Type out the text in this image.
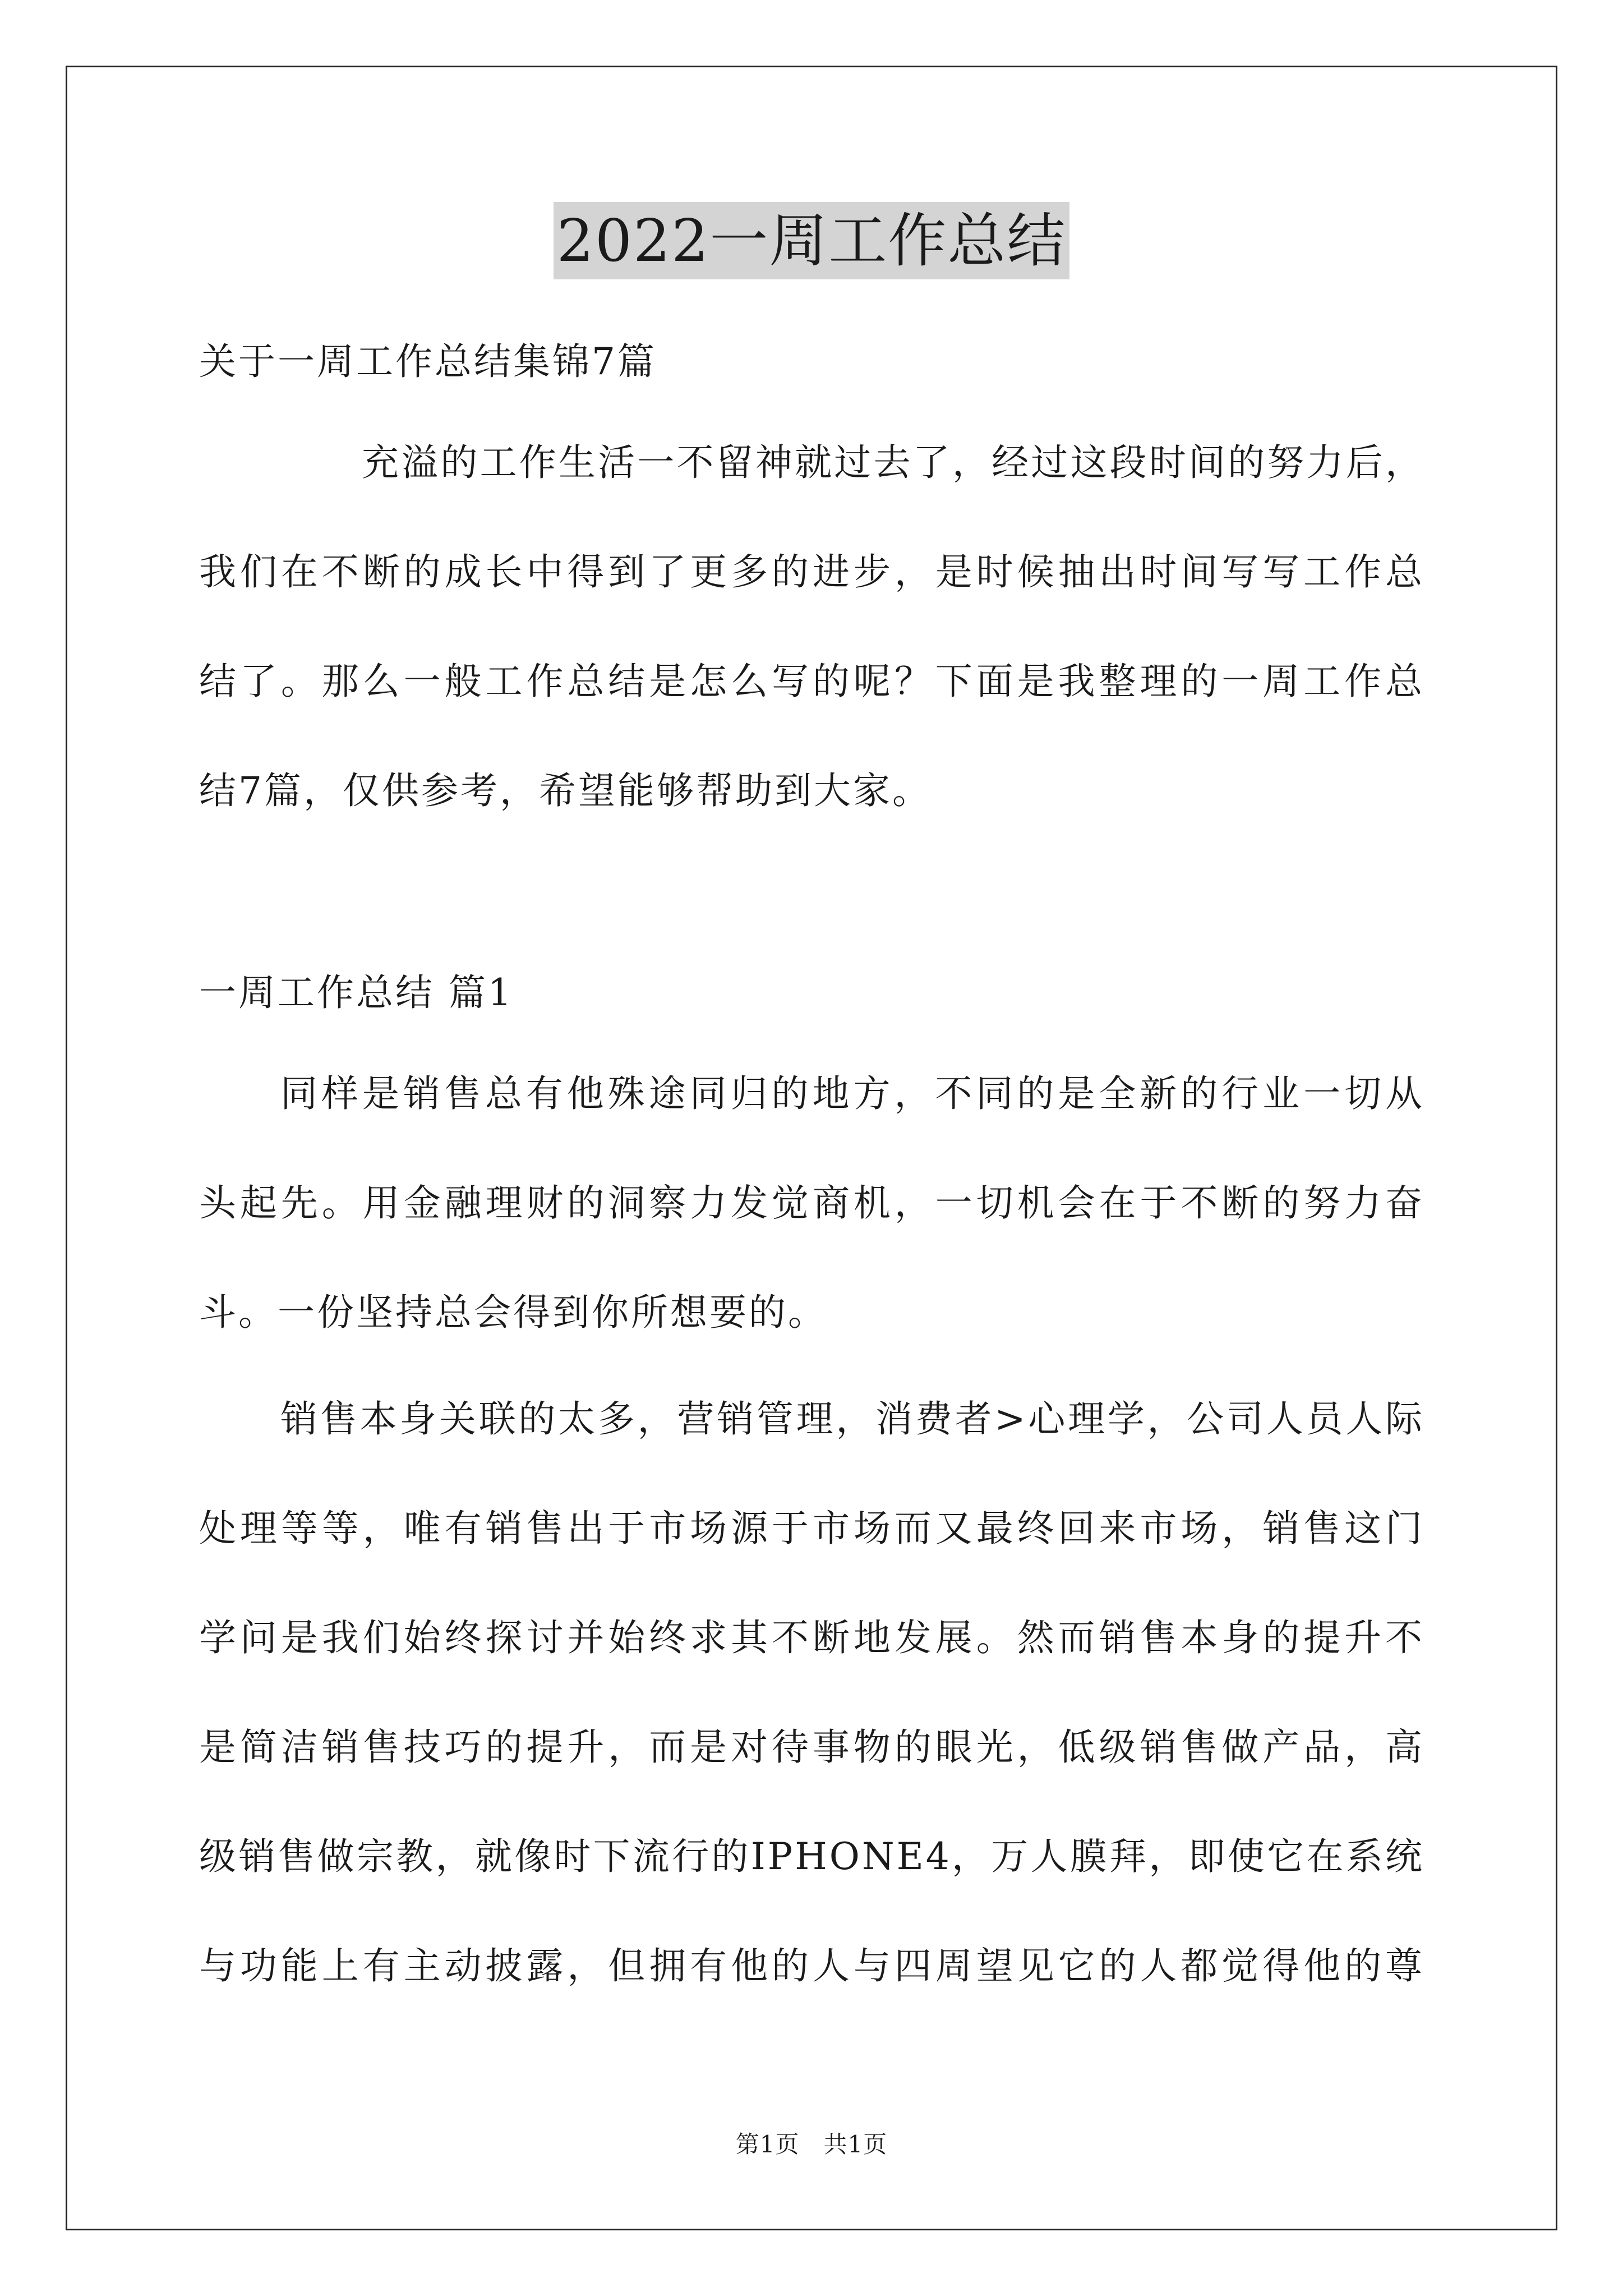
2022一周工作总结
关于一周工作总结集锦7篇
充溢的工作生活一不留神就过去了，经过这段时间的努力后，
我们在不断的成长中得到了更多的进步，是时候抽出时间写写工作总
结了。那么一般工作总结是怎么写的呢？下面是我整理的一周工作总
结7篇，仅供参考，希望能够帮助到大家。
一周工作总结 篇1
同样是销售总有他殊途同归的地方，不同的是全新的行业一切从
头起先。用金融理财的洞察力发觉商机，一切机会在于不断的努力奋
斗。一份坚持总会得到你所想要的。
销售本身关联的太多，营销管理，消费者>心理学，公司人员人际
处理等等，唯有销售出于市场源于市场而又最终回来市场，销售这门
学问是我们始终探讨并始终求其不断地发展。然而销售本身的提升不
是简洁销售技巧的提升，而是对待事物的眼光，低级销售做产品，高
级销售做宗教，就像时下流行的IPHONE4，万人膜拜，即使它在系统
与功能上有主动披露，但拥有他的人与四周望见它的人都觉得他的尊
第1页　共1页
